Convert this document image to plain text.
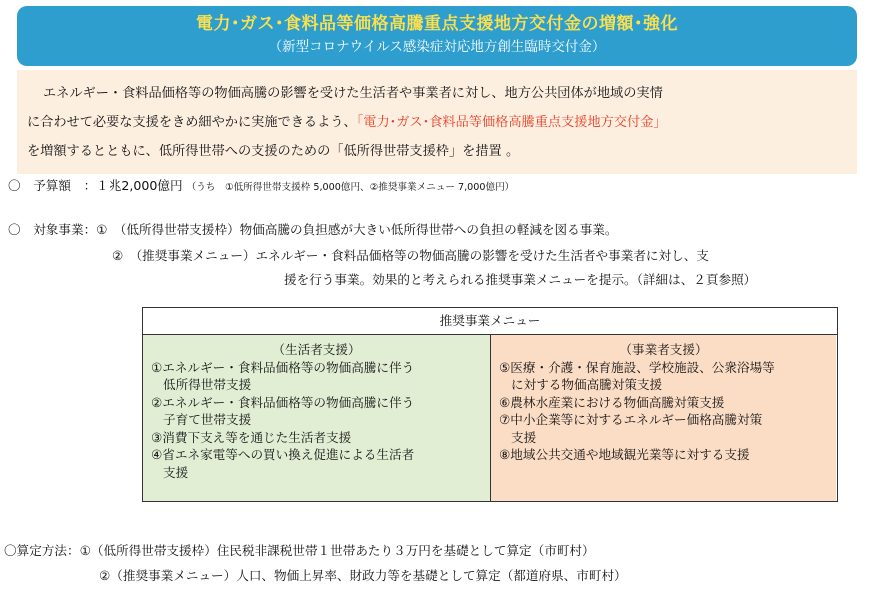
電力･ガス･食料品等価格高騰重点支援地方交付金の増額･強化
（新型コロナウイルス感染症対応地方創生臨時交付金）

エネルギー・食料品価格等の物価高騰の影響を受けた生活者や事業者に対し、地方公共団体が地域の実情

に合わせて必要な支援をきめ細やかに実施できるよう、「電力･ガス･食料品等価格高騰重点支援地方交付金」

を増額するとともに、低所得世帯への支援のための「低所得世帯支援枠」を措置 。

〇　予算額　：１兆2,000億円 （うち　①低所得世帯支援枠 5,000億円、②推奨事業メニュー 7,000億円）
〇　対象事業：①　（低所得世帯支援枠）物価高騰の負担感が大きい低所得世帯への負担の軽減を図る事業。
②　（推奨事業メニュー）エネルギー・食料品価格等の物価高騰の影響を受けた生活者や事業者に対し、支
援を行う事業。効果的と考えられる推奨事業メニューを提示。（詳細は、２頁参照）
推奨事業メニュー
（生活者支援）
①エネルギー・食料品価格等の物価高騰に伴う
低所得世帯支援
②エネルギー・食料品価格等の物価高騰に伴う
子育て世帯支援
③消費下支え等を通じた生活者支援
④省エネ家電等への買い換え促進による生活者
支援
（事業者支援）
⑤医療・介護・保育施設、学校施設、公衆浴場等
に対する物価高騰対策支援
⑥農林水産業における物価高騰対策支援
⑦中小企業等に対するエネルギー価格高騰対策
支援
⑧地域公共交通や地域観光業等に対する支援
〇算定方法：①（低所得世帯支援枠）住民税非課税世帯１世帯あたり３万円を基礎として算定（市町村）
②（推奨事業メニュー）人口、物価上昇率、財政力等を基礎として算定（都道府県、市町村）
